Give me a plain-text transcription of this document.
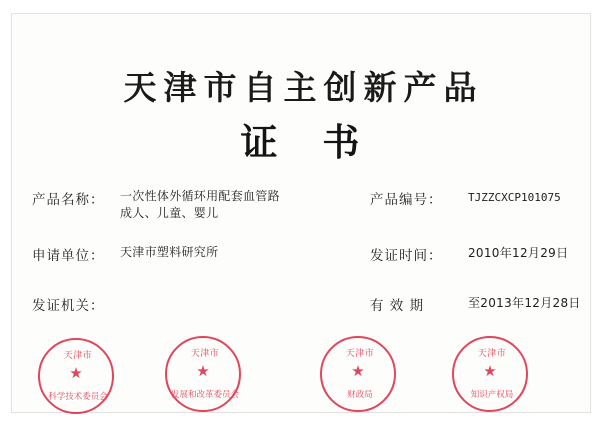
天津市自主创新产品
证 书
产品名称： 一次性体外循环用配套血管路
成人、儿童、婴儿
产品编号： TJZZCXCP101075
申请单位： 天津市塑料研究所	发证时间： 2010年12月29日
发证机关：	有 效 期	至2013年12月28日
天津市
★
科学技术委员会
天津市
★
发展和改革委员会
天津市
★
财政局
天津市
★
知识产权局
